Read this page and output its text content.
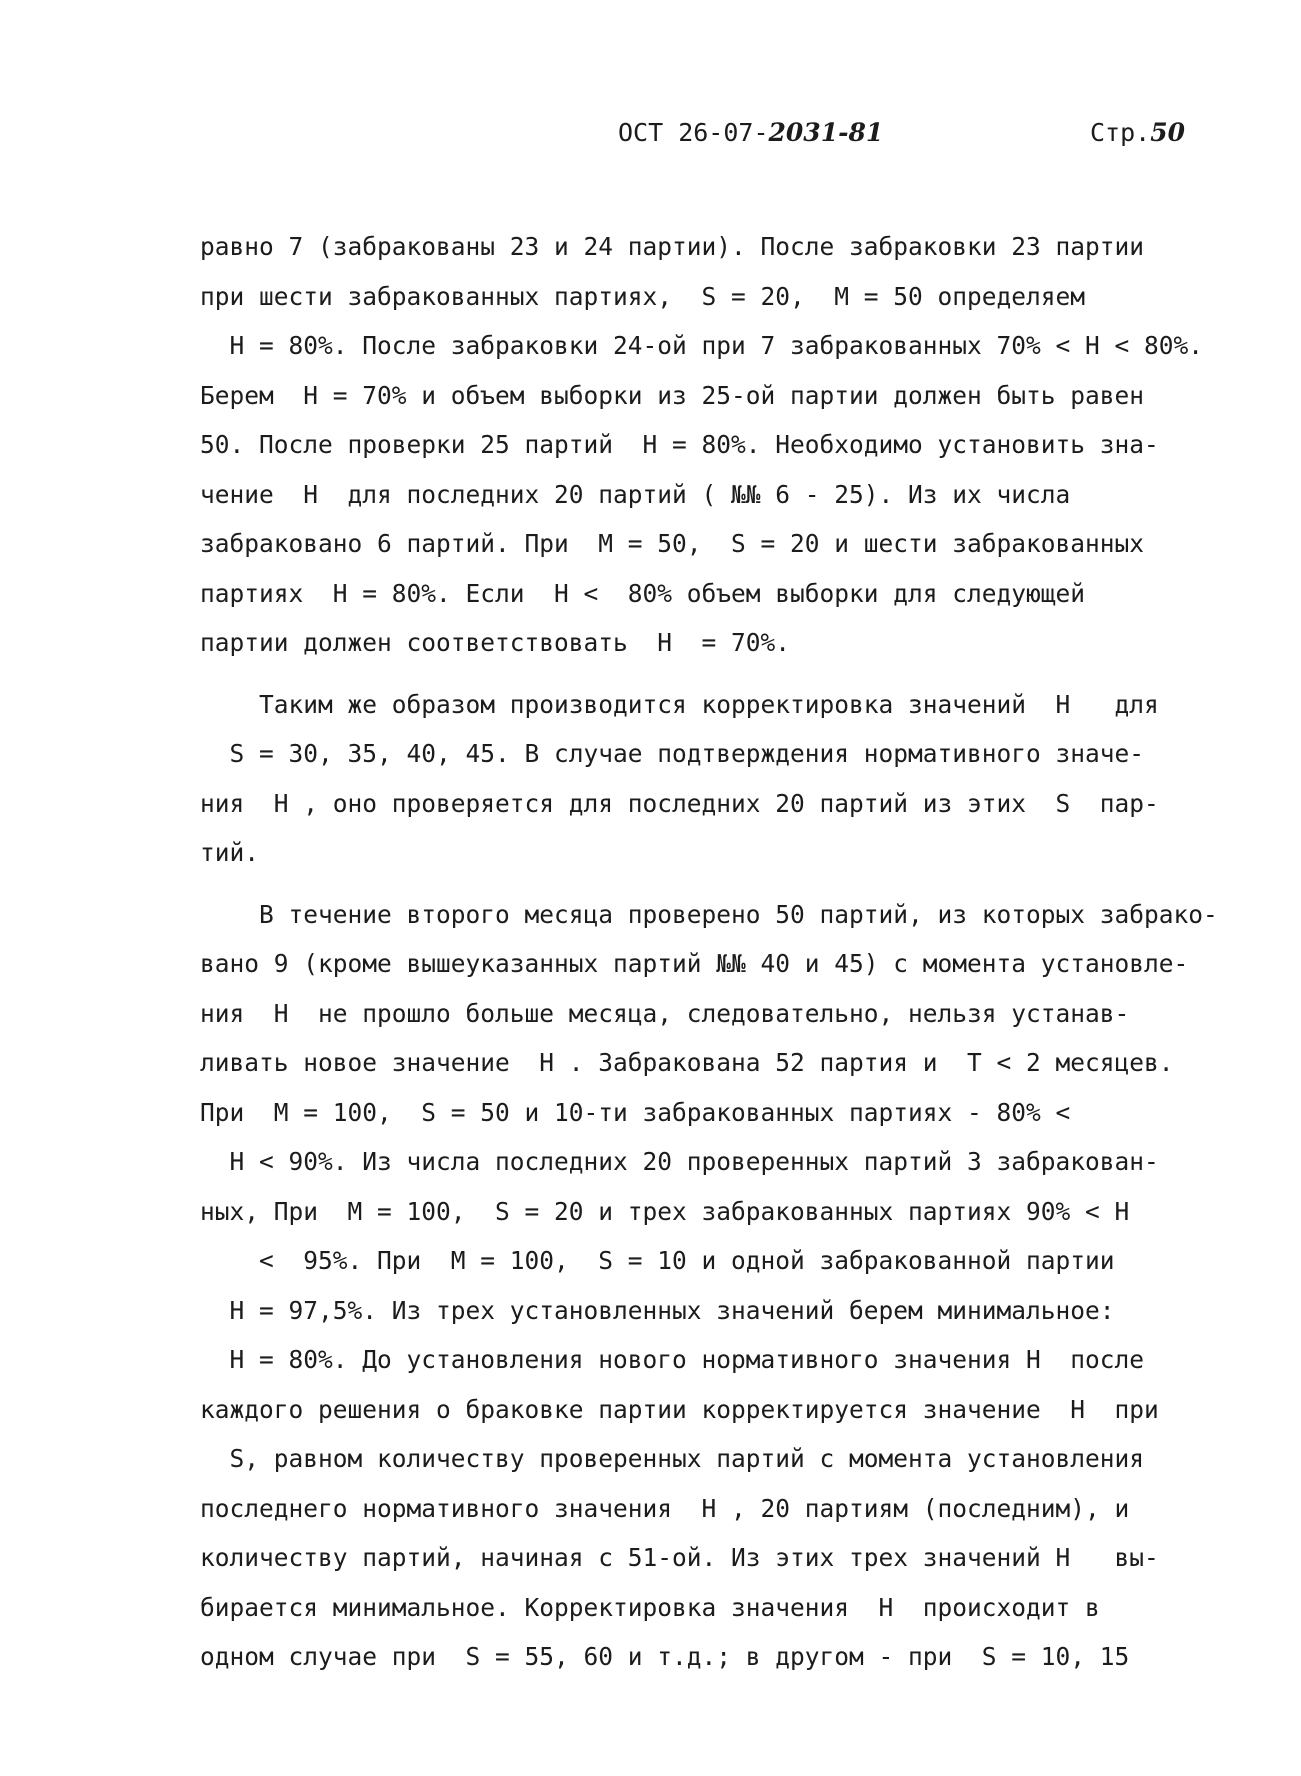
ОСТ 26-07-2031-81	Стр.50
равно 7 (забракованы 23 и 24 партии). После забраковки 23 партии
при шести забракованных партиях,  S = 20,  M = 50 определяем
H = 80%. После забраковки 24-ой при 7 забракованных 70% < H < 80%.
Берем  H = 70% и объем выборки из 25-ой партии должен быть равен
50. После проверки 25 партий  H = 80%. Необходимо установить зна-
чение  H  для последних 20 партий ( №№ 6 - 25). Из их числа
забраковано 6 партий. При  M = 50,  S = 20 и шести забракованных
партиях  H = 80%. Если  H <  80% объем выборки для следующей
партии должен соответствовать  H  = 70%.
Таким же образом производится корректировка значений  H   для
S = 30, 35, 40, 45. В случае подтверждения нормативного значе-
ния  H , оно проверяется для последних 20 партий из этих  S  пар-
тий.
В течение второго месяца проверено 50 партий, из которых забрако-
вано 9 (кроме вышеуказанных партий №№ 40 и 45) с момента установле-
ния  H  не прошло больше месяца, следовательно, нельзя устанав-
ливать новое значение  H . Забракована 52 партия и  T < 2 месяцев.
При  M = 100,  S = 50 и 10-ти забракованных партиях - 80% <
H < 90%. Из числа последних 20 проверенных партий 3 забракован-
ных, При  M = 100,  S = 20 и трех забракованных партиях 90% < H
<  95%. При  M = 100,  S = 10 и одной забракованной партии
H = 97,5%. Из трех установленных значений берем минимальное:
H = 80%. До установления нового нормативного значения H  после
каждого решения о браковке партии корректируется значение  H  при
S, равном количеству проверенных партий с момента установления
последнего нормативного значения  H , 20 партиям (последним), и
количеству партий, начиная с 51-ой. Из этих трех значений H   вы-
бирается минимальное. Корректировка значения  H  происходит в
одном случае при  S = 55, 60 и т.д.; в другом - при  S = 10, 15
